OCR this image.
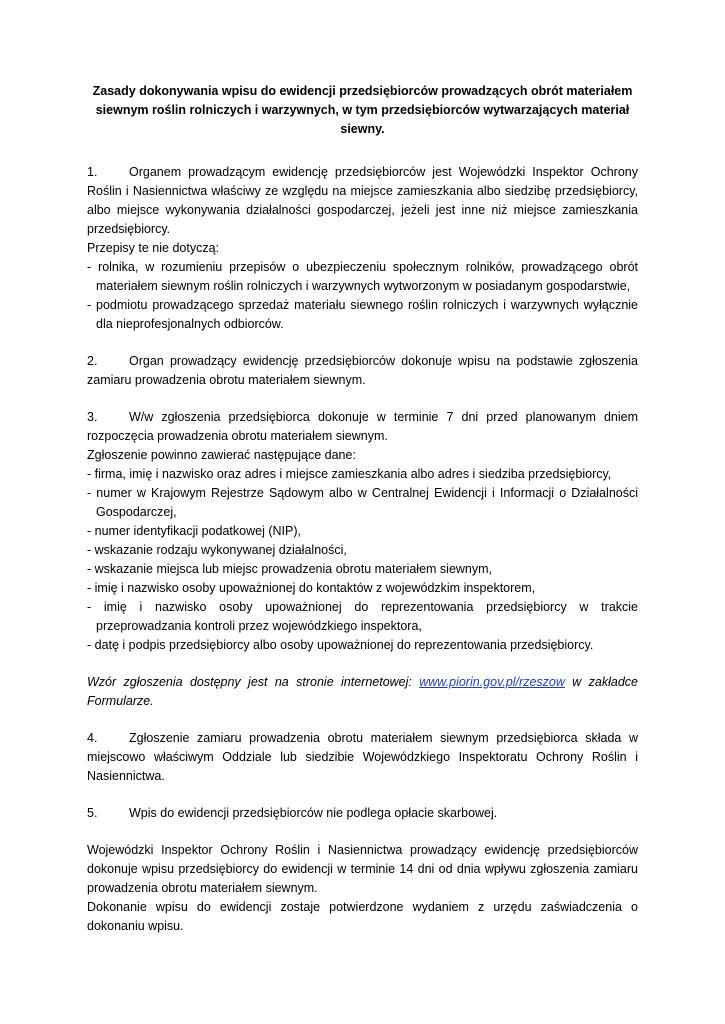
Zasady dokonywania wpisu do ewidencji przedsiębiorców prowadzących obrót materiałem
siewnym roślin rolniczych i warzywnych, w tym przedsiębiorców wytwarzających materiał siewny.

1.	Organem prowadzącym ewidencję przedsiębiorców jest Wojewódzki Inspektor Ochrony Roślin i Nasiennictwa właściwy ze względu na miejsce zamieszkania albo siedzibę przedsiębiorcy, albo miejsce wykonywania działalności gospodarczej, jeżeli jest inne niż miejsce zamieszkania przedsiębiorcy.

Przepisy te nie dotyczą:

- rolnika, w rozumieniu przepisów o ubezpieczeniu społecznym rolników, prowadzącego obrót materiałem siewnym roślin rolniczych i warzywnych wytworzonym w posiadanym gospodarstwie,

- podmiotu prowadzącego sprzedaż materiału siewnego roślin rolniczych i warzywnych wyłącznie dla nieprofesjonalnych odbiorców.

2.	Organ prowadzący ewidencję przedsiębiorców dokonuje wpisu na podstawie zgłoszenia zamiaru prowadzenia obrotu materiałem siewnym.

3.	W/w zgłoszenia przedsiębiorca dokonuje w terminie 7 dni przed planowanym dniem rozpoczęcia prowadzenia obrotu materiałem siewnym.

Zgłoszenie powinno zawierać następujące dane:

- firma, imię i nazwisko oraz adres i miejsce zamieszkania albo adres i siedziba przedsiębiorcy,

- numer w Krajowym Rejestrze Sądowym albo w Centralnej Ewidencji i Informacji o Działalności Gospodarczej,

- numer identyfikacji podatkowej (NIP),

- wskazanie rodzaju wykonywanej działalności,

- wskazanie miejsca lub miejsc prowadzenia obrotu materiałem siewnym,

- imię i nazwisko osoby upoważnionej do kontaktów z wojewódzkim inspektorem,

- imię i nazwisko osoby upoważnionej do reprezentowania przedsiębiorcy w trakcie przeprowadzania kontroli przez wojewódzkiego inspektora,

- datę i podpis przedsiębiorcy albo osoby upoważnionej do reprezentowania przedsiębiorcy.

Wzór zgłoszenia dostępny jest na stronie internetowej: www.piorin.gov.pl/rzeszow w zakładce Formularze.

4.	Zgłoszenie zamiaru prowadzenia obrotu materiałem siewnym przedsiębiorca składa w miejscowo właściwym Oddziale lub siedzibie Wojewódzkiego Inspektoratu Ochrony Roślin i Nasiennictwa.

5.	Wpis do ewidencji przedsiębiorców nie podlega opłacie skarbowej.

Wojewódzki Inspektor Ochrony Roślin i Nasiennictwa prowadzący ewidencję przedsiębiorców dokonuje wpisu przedsiębiorcy do ewidencji w terminie 14 dni od dnia wpływu zgłoszenia zamiaru prowadzenia obrotu materiałem siewnym.

Dokonanie wpisu do ewidencji zostaje potwierdzone wydaniem z urzędu zaświadczenia o dokonaniu wpisu.
